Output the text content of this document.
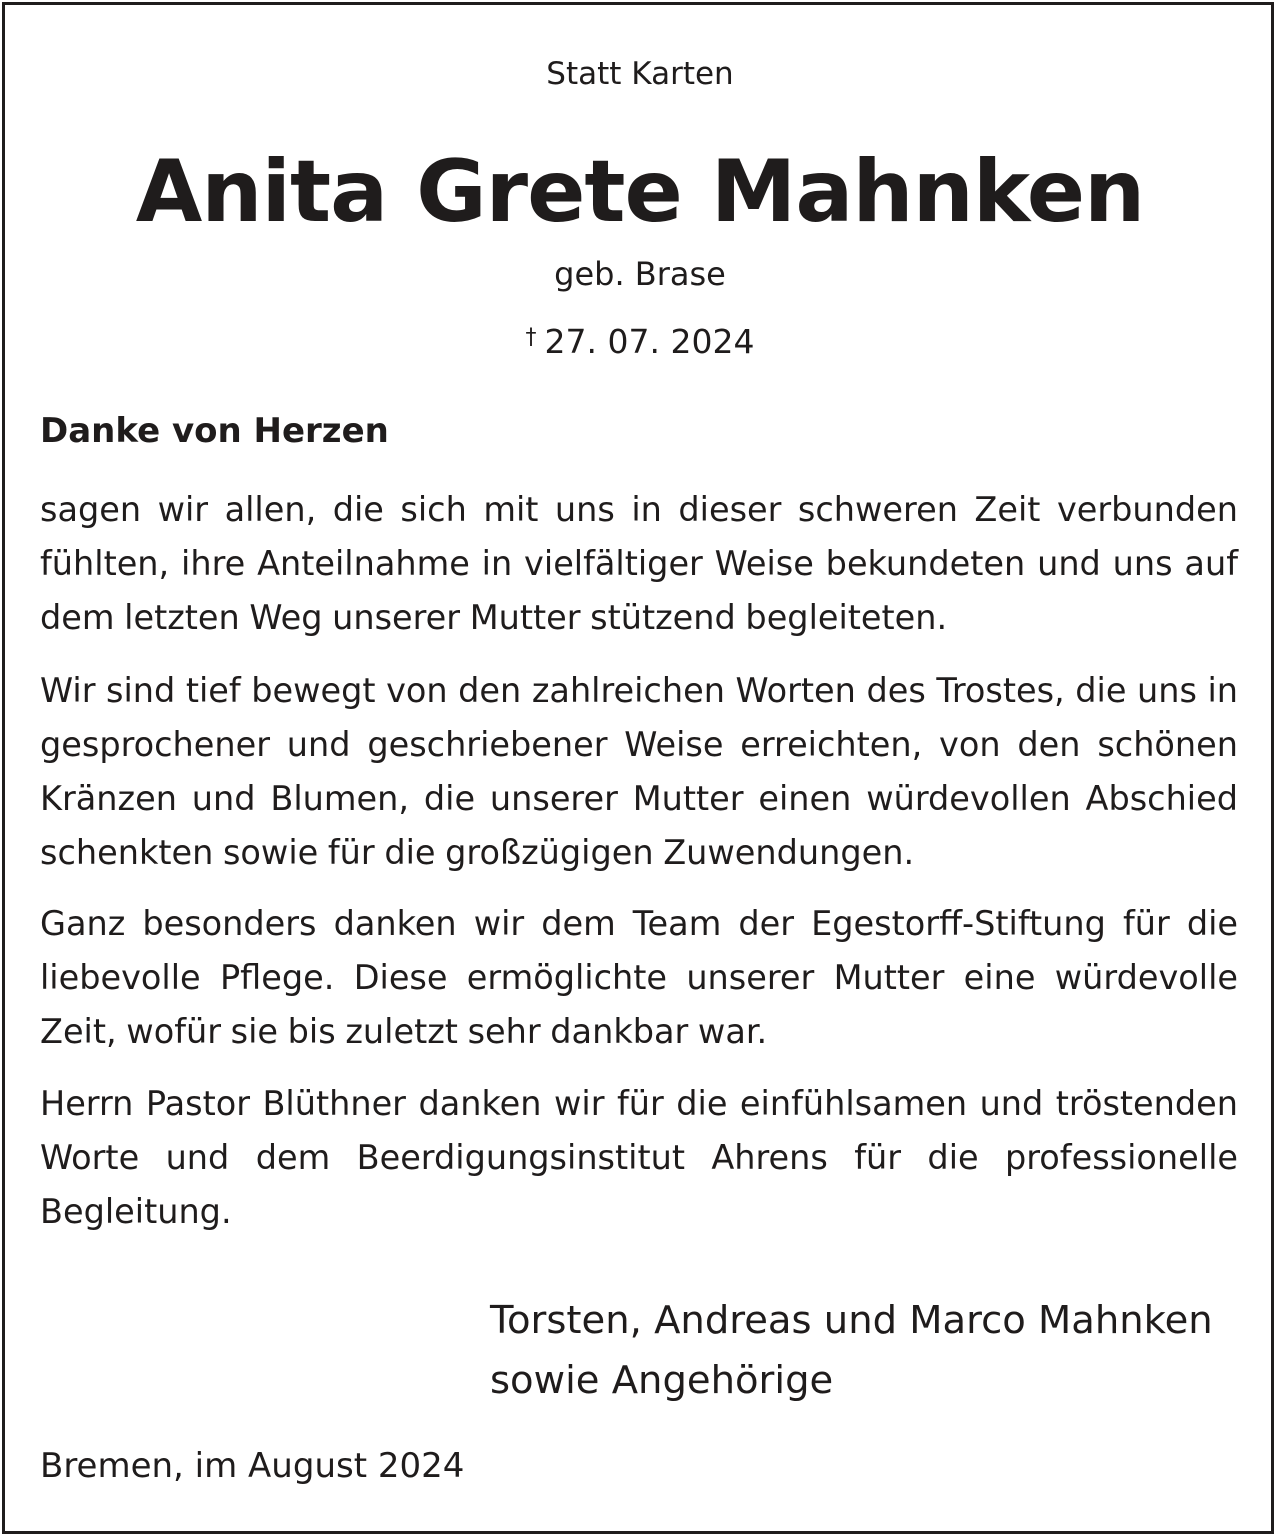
Statt Karten
Anita Grete Mahnken
geb. Brase
† 27. 07. 2024
Danke von Herzen
sagen wir allen, die sich mit uns in dieser schweren Zeit verbunden fühlten, ihre Anteilnahme in vielfältiger Weise bekundeten und uns auf dem letzten Weg unserer Mutter stützend begleiteten.
Wir sind tief bewegt von den zahlreichen Worten des Trostes, die uns in gesprochener und geschriebener Weise erreichten, von den schönen Kränzen und Blumen, die unserer Mutter einen würdevollen Abschied schenkten sowie für die großzügigen Zuwendungen.
Ganz besonders danken wir dem Team der Egestorff-Stiftung für die liebevolle Pflege. Diese ermöglichte unserer Mutter eine würdevolle Zeit, wofür sie bis zuletzt sehr dankbar war.
Herrn Pastor Blüthner danken wir für die einfühlsamen und tröstenden Worte und dem Beerdigungsinstitut Ahrens für die professionelle Begleitung.
Torsten, Andreas und Marco Mahnken
sowie Angehörige
Bremen, im August 2024
